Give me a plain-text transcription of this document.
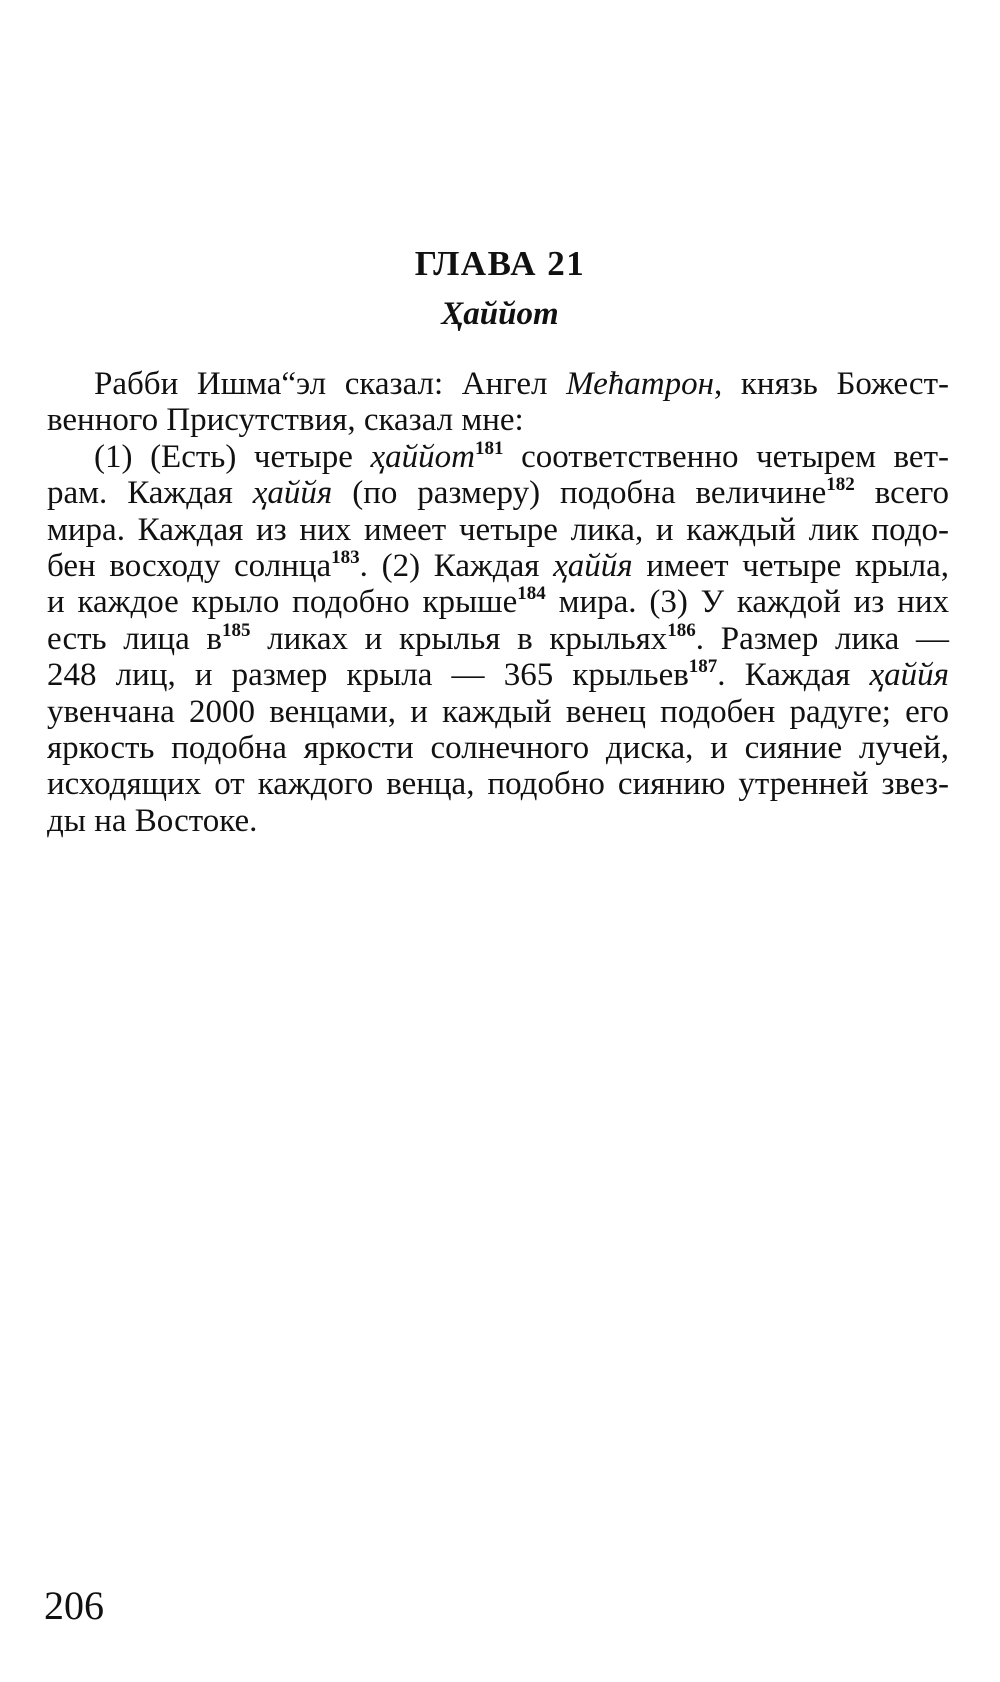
ГЛАВА 21
Ҳаййот
Рабби Ишма“эл сказал: Ангел Мећатрон, князь Божест-
венного Присутствия, сказал мне:
(1) (Есть) четыре ҳаййот$^{181}$ соответственно четырем вет-
рам. Каждая ҳаййя (по размеру) подобна величине$^{182}$ всего
мира. Каждая из них имеет четыре лика, и каждый лик подо-
бен восходу солнца$^{183}$. (2) Каждая ҳаййя имеет четыре крыла,
и каждое крыло подобно крыше$^{184}$ мира. (3) У каждой из них
есть лица $в^{185}$ ликах и крылья в крыльях$^{186}$. Размер лика —
248 лиц, и размер крыла — 365 крыльев$^{187}$. Каждая ҳаййя
увенчана 2000 венцами, и каждый венец подобен радуге; его
яркость подобна яркости солнечного диска, и сияние лучей,
исходящих от каждого венца, подобно сиянию утренней звез-
ды на Востоке.
206
